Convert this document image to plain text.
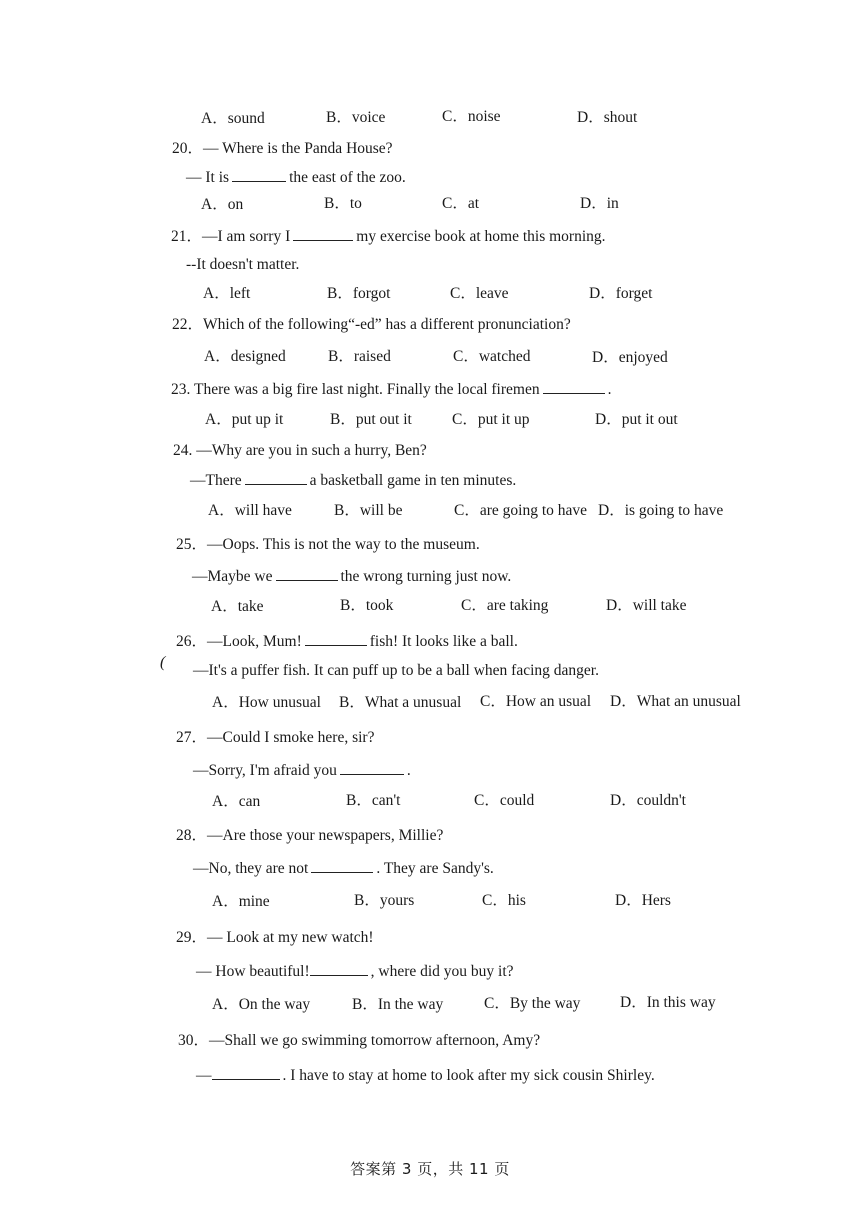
A．sound	B．voice	C．noise	D．shout
20．— Where is the Panda House?
— It is	the east of the zoo.
A．on	B．to	C．at	D．in
21．—I am sorry I	my exercise book at home this morning.
--It doesn't matter.
A．left	B．forgot	C．leave	D．forget
22．Which of the following“-ed” has a different pronunciation?
A．designed	B．raised	C．watched	D．enjoyed
23. There was a big fire last night. Finally the local firemen	.
A．put up it	B．put out it	C．put it up	D．put it out
24. —Why are you in such a hurry, Ben?
—There	a basketball game in ten minutes.
A．will have	B．will be	C．are going to have D．is going to have
25．—Oops. This is not the way to the museum.
—Maybe we	the wrong turning just now.
A．take	B．took	C．are taking	D．will take
26．—Look, Mum!	fish! It looks like a ball.
( —It's a puffer fish. It can puff up to be a ball when facing danger.
A．How unusual B．What a unusual C．How an usual D．What an unusual
27．—Could I smoke here, sir?
—Sorry, I'm afraid you	.
A．can	B．can't	C．could	D．couldn't
28．—Are those your newspapers, Millie?
—No, they are not	. They are Sandy's.
A．mine	B．yours	C．his	D．Hers
29．— Look at my new watch!
— How beautiful!	, where did you buy it?
A．On the way	B．In the way	C．By the way	D．In this way
30．—Shall we go swimming tomorrow afternoon, Amy?
—	. I have to stay at home to look after my sick cousin Shirley.
答案第 3 页，共 11 页
